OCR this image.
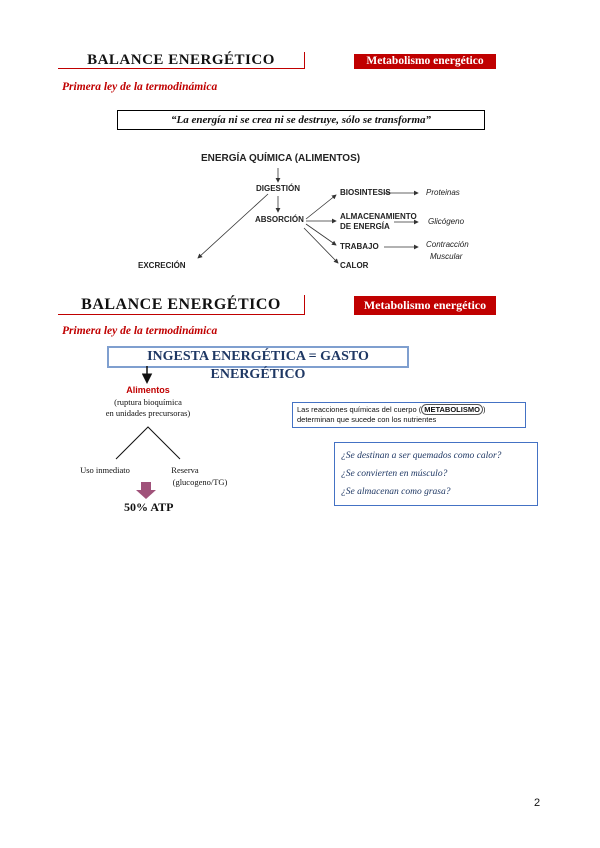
BALANCE ENERGÉTICO	Metabolismo energético
Primera ley de la termodinámica
“La energía ni se crea ni se destruye, sólo se transforma”
ENERGÍA QUÍMICA (ALIMENTOS)
DIGESTIÓN
ABSORCIÓN
EXCRECIÓN
BIOSINTESIS
ALMACENAMIENTO
DE ENERGÍA
TRABAJO
CALOR
Proteinas
Glicógeno
Contracción
Muscular
BALANCE ENERGÉTICO	Metabolismo energético
Primera ley de la termodinámica
INGESTA ENERGÉTICA = GASTO ENERGÉTICO
Alimentos
(ruptura bioquímica
en unidades precursoras)
Uso inmediato	Reserva
(glucogeno/TG)
50% ATP
Las reacciones químicas del cuerpo ( METABOLISMO )
determinan que sucede con los nutrientes
¿Se destinan a ser quemados como calor?
¿Se convierten en músculo?
¿Se almacenan como grasa?
2
